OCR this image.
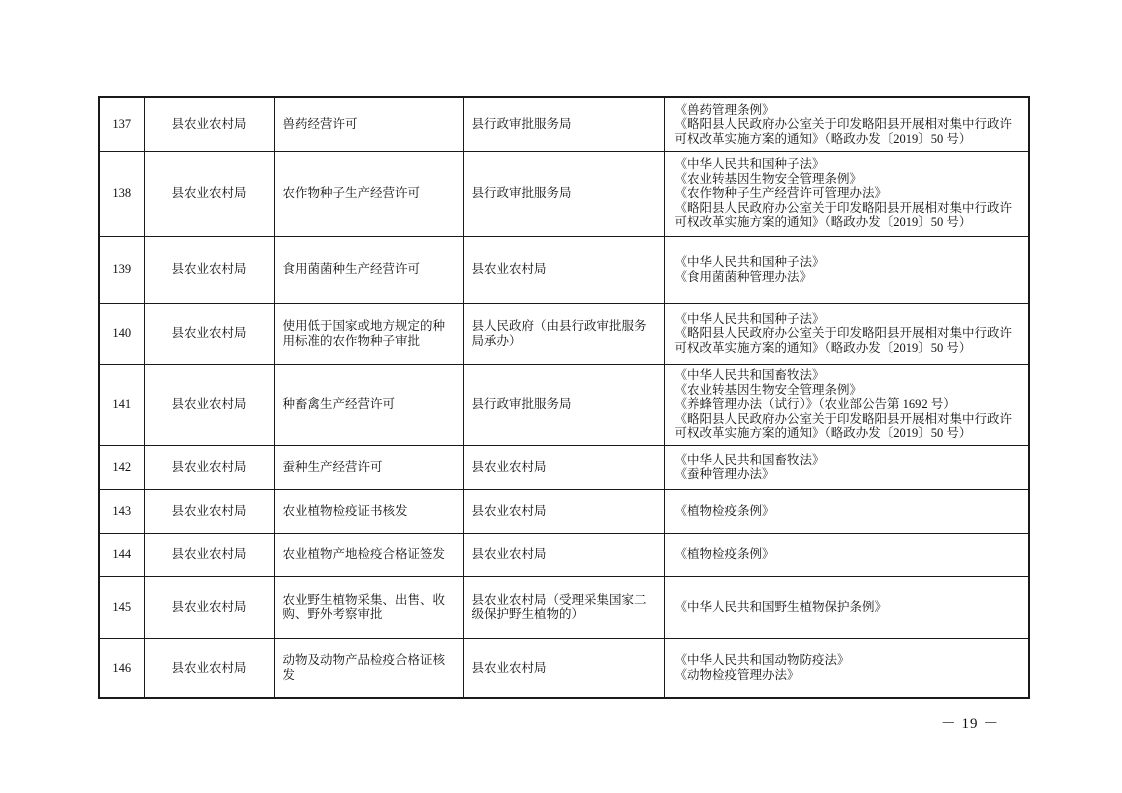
137	县农业农村局	兽药经营许可	县行政审批服务局	《兽药管理条例》
《略阳县人民政府办公室关于印发略阳县开展相对集中行政许可权改革实施方案的通知》（略政办发〔2019〕50 号）

138	县农业农村局	农作物种子生产经营许可	县行政审批服务局	《中华人民共和国种子法》
《农业转基因生物安全管理条例》
《农作物种子生产经营许可管理办法》
《略阳县人民政府办公室关于印发略阳县开展相对集中行政许可权改革实施方案的通知》（略政办发〔2019〕50 号）

139	县农业农村局	食用菌菌种生产经营许可	县农业农村局	《中华人民共和国种子法》
《食用菌菌种管理办法》

140	县农业农村局	使用低于国家或地方规定的种用标准的农作物种子审批	县人民政府（由县行政审批服务局承办）	《中华人民共和国种子法》
《略阳县人民政府办公室关于印发略阳县开展相对集中行政许可权改革实施方案的通知》（略政办发〔2019〕50 号）

141	县农业农村局	种畜禽生产经营许可	县行政审批服务局	《中华人民共和国畜牧法》
《农业转基因生物安全管理条例》
《养蜂管理办法（试行）》（农业部公告第 1692 号）
《略阳县人民政府办公室关于印发略阳县开展相对集中行政许可权改革实施方案的通知》（略政办发〔2019〕50 号）

142	县农业农村局	蚕种生产经营许可	县农业农村局	《中华人民共和国畜牧法》
《蚕种管理办法》

143	县农业农村局	农业植物检疫证书核发	县农业农村局	《植物检疫条例》

144	县农业农村局	农业植物产地检疫合格证签发	县农业农村局	《植物检疫条例》

145	县农业农村局	农业野生植物采集、出售、收购、野外考察审批	县农业农村局（受理采集国家二级保护野生植物的）	《中华人民共和国野生植物保护条例》

146	县农业农村局	动物及动物产品检疫合格证核发	县农业农村局	《中华人民共和国动物防疫法》
《动物检疫管理办法》
－ 19 －
